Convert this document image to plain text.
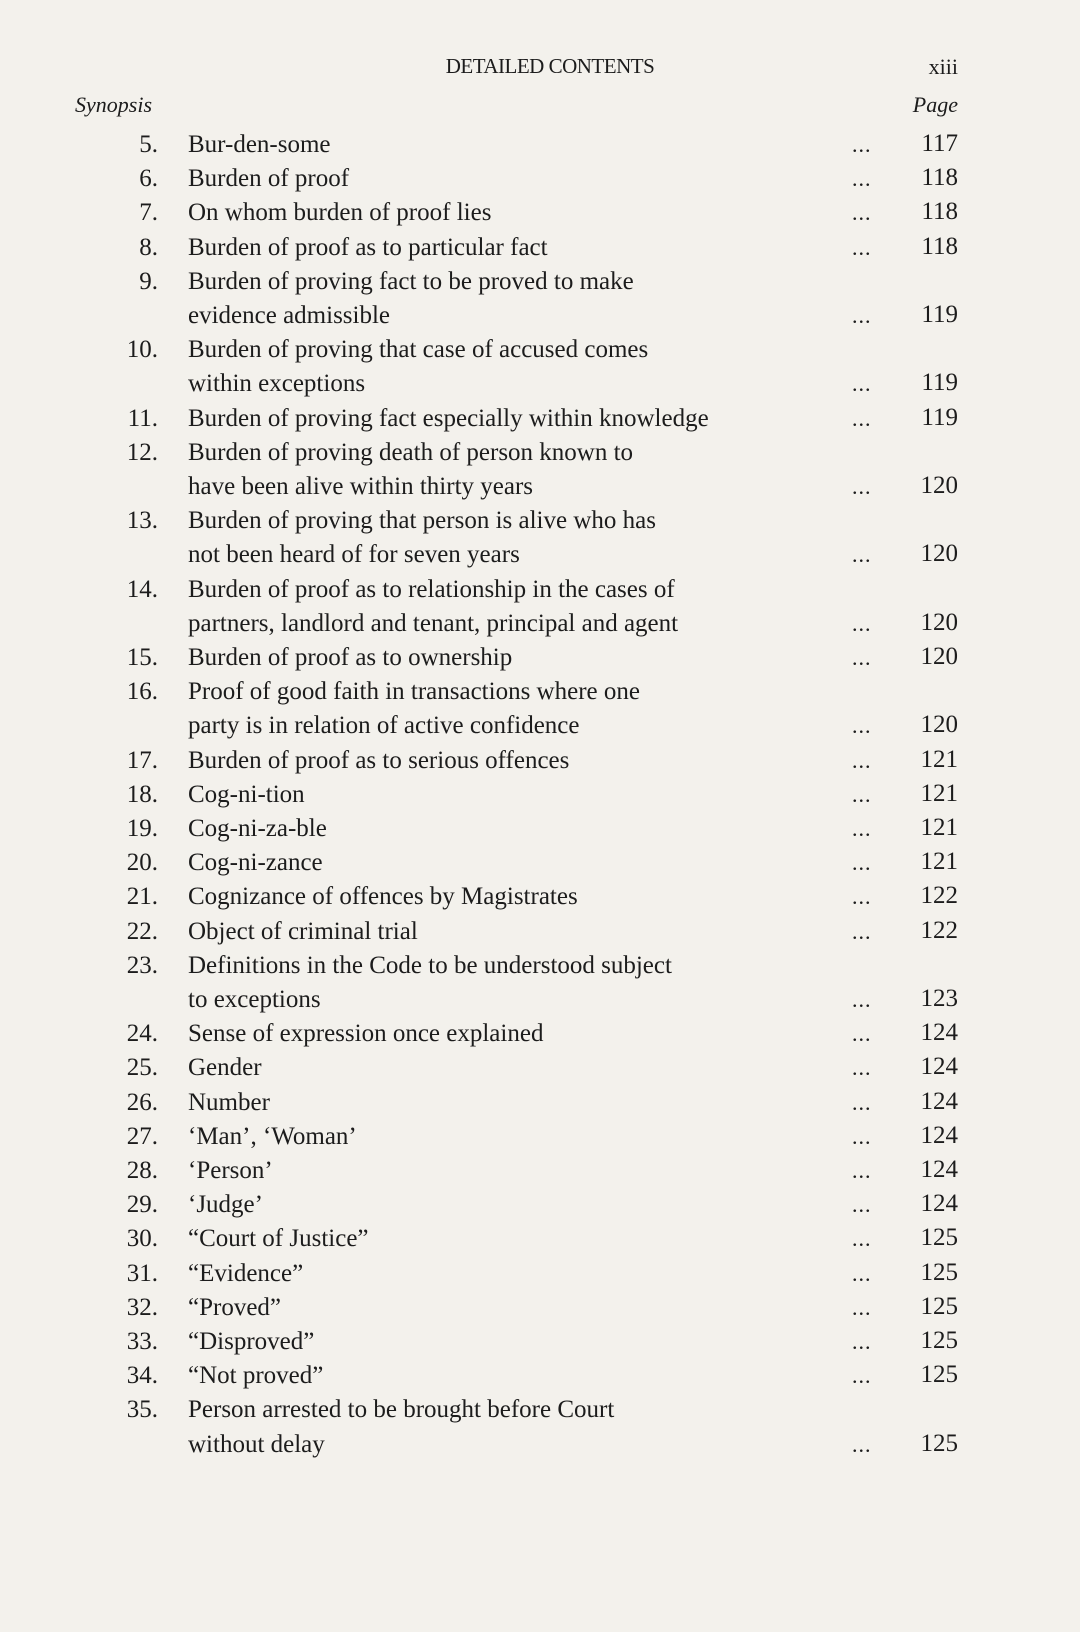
DETAILED CONTENTS	xiii
Synopsis	Page
5. Bur-den-some	...	117
6. Burden of proof	...	118
7. On whom burden of proof lies	...	118
8. Burden of proof as to particular fact	...	118
9. Burden of proving fact to be proved to make
evidence admissible	...	119
10. Burden of proving that case of accused comes
within exceptions	...	119
11. Burden of proving fact especially within knowledge	...	119
12. Burden of proving death of person known to
have been alive within thirty years	...	120
13. Burden of proving that person is alive who has
not been heard of for seven years	...	120
14. Burden of proof as to relationship in the cases of
partners, landlord and tenant, principal and agent	...	120
15. Burden of proof as to ownership	...	120
16. Proof of good faith in transactions where one
party is in relation of active confidence	...	120
17. Burden of proof as to serious offences	...	121
18. Cog-ni-tion	...	121
19. Cog-ni-za-ble	...	121
20. Cog-ni-zance	...	121
21. Cognizance of offences by Magistrates	...	122
22. Object of criminal trial	...	122
23. Definitions in the Code to be understood subject
to exceptions	...	123
24. Sense of expression once explained	...	124
25. Gender	...	124
26. Number	...	124
27. ‘Man’, ‘Woman’	...	124
28. ‘Person’	...	124
29. ‘Judge’	...	124
30. “Court of Justice”	...	125
31. “Evidence”	...	125
32. “Proved”	...	125
33. “Disproved”	...	125
34. “Not proved”	...	125
35. Person arrested to be brought before Court
without delay	...	125
